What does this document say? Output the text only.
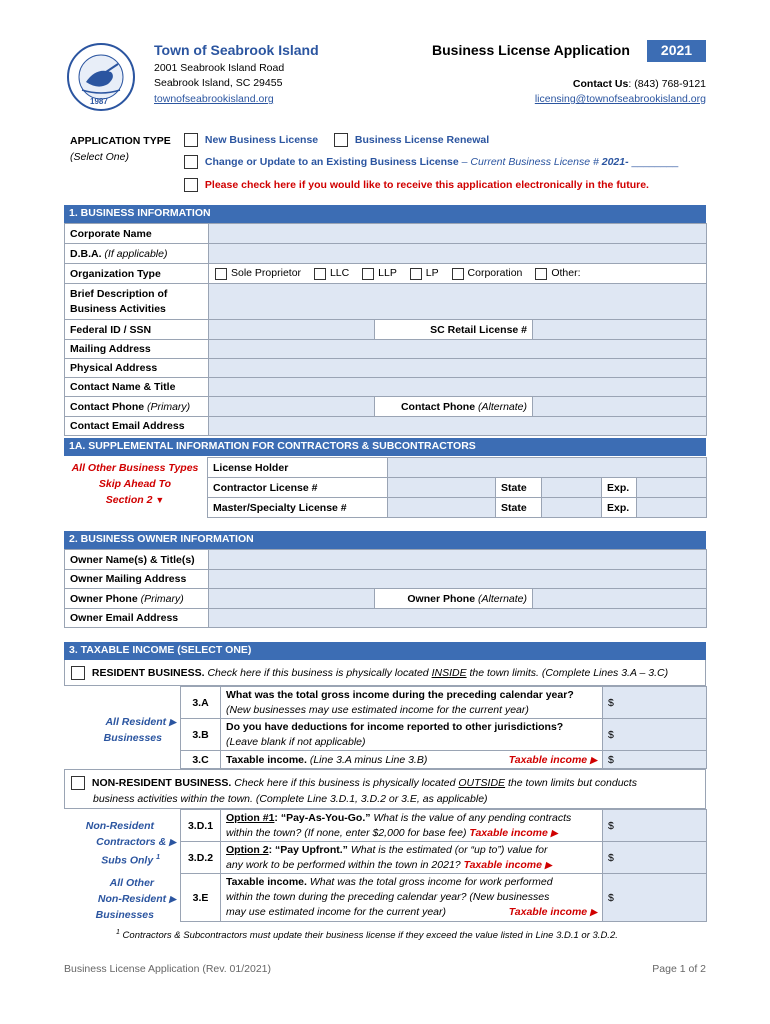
1987
Town of Seabrook Island
2001 Seabrook Island Road
Seabrook Island, SC 29455
townofseabrookisland.org
Business License Application	2021
Contact Us: (843) 768-9121
licensing@townofseabrookisland.org
APPLICATION TYPE
(Select One)
New Business License	Business License Renewal
Change or Update to an Existing Business License – Current Business License # 2021- ________
Please check here if you would like to receive this application electronically in the future.
1. BUSINESS INFORMATION
Corporate Name			
D.B.A. (If applicable)			
Organization Type	Sole Proprietor LLC LLP LP Corporation Other:		
Brief Description of
Business Activities			
Federal ID / SSN		SC Retail License #	
Mailing Address			
Physical Address			
Contact Name & Title			
Contact Phone (Primary)		Contact Phone (Alternate)	
Contact Email Address			
1A. SUPPLEMENTAL INFORMATION FOR CONTRACTORS & SUBCONTRACTORS
All Other Business Types
Skip Ahead To
Section 2 ▼
License Holder					
Contractor License #		State		Exp.	
Master/Specialty License #		State		Exp.	
2. BUSINESS OWNER INFORMATION
Owner Name(s) & Title(s)			
Owner Mailing Address			
Owner Phone (Primary)		Owner Phone (Alternate)	
Owner Email Address			
3. TAXABLE INCOME (SELECT ONE)
RESIDENT BUSINESS. Check here if this business is physically located INSIDE the town limits. (Complete Lines 3.A – 3.C)
All Resident ▶
Businesses
3.A	What was the total gross income during the preceding calendar year?
(New businesses may use estimated income for the current year)	$
3.B	Do you have deductions for income reported to other jurisdictions?
(Leave blank if not applicable)	$
3.C	Taxable income. (Line 3.A minus Line 3.B) Taxable income ▶	$
NON-RESIDENT BUSINESS. Check here if this business is physically located OUTSIDE the town limits but conducts
business activities within the town. (Complete Line 3.D.1, 3.D.2 or 3.E, as applicable)
Non-Resident
Contractors & ▶
Subs Only $^1$
All Other
Non-Resident ▶
Businesses
3.D.1	Option #1: “Pay-As-You-Go.” What is the value of any pending contracts
within the town? (If none, enter $2,000 for base fee) Taxable income ▶	$
3.D.2	Option 2: “Pay Upfront.” What is the estimated (or “up to”) value for
any work to be performed within the town in 2021? Taxable income ▶	$
3.E	Taxable income. What was the total gross income for work performed
within the town during the preceding calendar year? (New businesses
may use estimated income for the current year) Taxable income ▶	$
$^1$ Contractors & Subcontractors must update their business license if they exceed the value listed in Line 3.D.1 or 3.D.2.
Business License Application (Rev. 01/2021)	Page 1 of 2
